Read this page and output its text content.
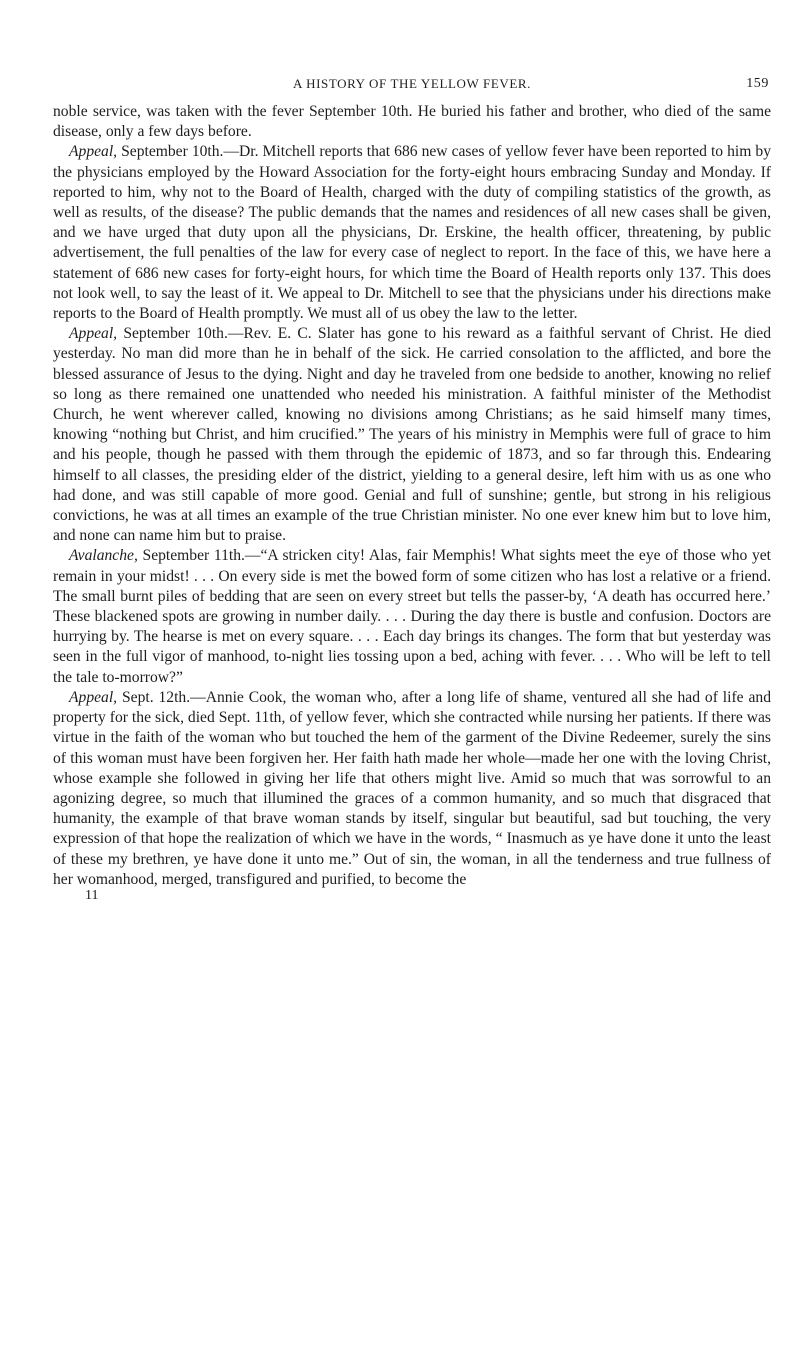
A HISTORY OF THE YELLOW FEVER.	159

noble service, was taken with the fever September 10th. He buried his father and brother, who died of the same disease, only a few days before.

Appeal, September 10th.—Dr. Mitchell reports that 686 new cases of yellow fever have been reported to him by the physicians employed by the Howard Association for the forty-eight hours embracing Sunday and Monday. If reported to him, why not to the Board of Health, charged with the duty of compiling statistics of the growth, as well as results, of the disease? The public demands that the names and residences of all new cases shall be given, and we have urged that duty upon all the physicians, Dr. Erskine, the health officer, threatening, by public advertisement, the full penalties of the law for every case of neglect to report. In the face of this, we have here a statement of 686 new cases for forty-eight hours, for which time the Board of Health reports only 137. This does not look well, to say the least of it. We appeal to Dr. Mitchell to see that the physicians under his directions make reports to the Board of Health promptly. We must all of us obey the law to the letter.

Appeal, September 10th.—Rev. E. C. Slater has gone to his reward as a faithful servant of Christ. He died yesterday. No man did more than he in behalf of the sick. He carried consolation to the afflicted, and bore the blessed assurance of Jesus to the dying. Night and day he traveled from one bedside to another, knowing no relief so long as there remained one unattended who needed his ministration. A faithful minister of the Methodist Church, he went wherever called, knowing no divisions among Christians; as he said himself many times, knowing “nothing but Christ, and him crucified.” The years of his ministry in Memphis were full of grace to him and his people, though he passed with them through the epidemic of 1873, and so far through this. Endearing himself to all classes, the presiding elder of the district, yielding to a general desire, left him with us as one who had done, and was still capable of more good. Genial and full of sunshine; gentle, but strong in his religious convictions, he was at all times an example of the true Christian minister. No one ever knew him but to love him, and none can name him but to praise.

Avalanche, September 11th.—“A stricken city! Alas, fair Memphis! What sights meet the eye of those who yet remain in your midst! . . . On every side is met the bowed form of some citizen who has lost a relative or a friend. The small burnt piles of bedding that are seen on every street but tells the passer-by, ‘A death has occurred here.’ These blackened spots are growing in number daily. . . . During the day there is bustle and confusion. Doctors are hurrying by. The hearse is met on every square. . . . Each day brings its changes. The form that but yesterday was seen in the full vigor of manhood, to-night lies tossing upon a bed, aching with fever. . . . Who will be left to tell the tale to-morrow?”

Appeal, Sept. 12th.—Annie Cook, the woman who, after a long life of shame, ventured all she had of life and property for the sick, died Sept. 11th, of yellow fever, which she contracted while nursing her patients. If there was virtue in the faith of the woman who but touched the hem of the garment of the Divine Redeemer, surely the sins of this woman must have been forgiven her. Her faith hath made her whole—made her one with the loving Christ, whose example she followed in giving her life that others might live. Amid so much that was sorrowful to an agonizing degree, so much that illumined the graces of a common humanity, and so much that disgraced that humanity, the example of that brave woman stands by itself, singular but beautiful, sad but touching, the very expression of that hope the realization of which we have in the words, “ Inasmuch as ye have done it unto the least of these my brethren, ye have done it unto me.” Out of sin, the woman, in all the tenderness and true fullness of her womanhood, merged, transfigured and purified, to become the

11
